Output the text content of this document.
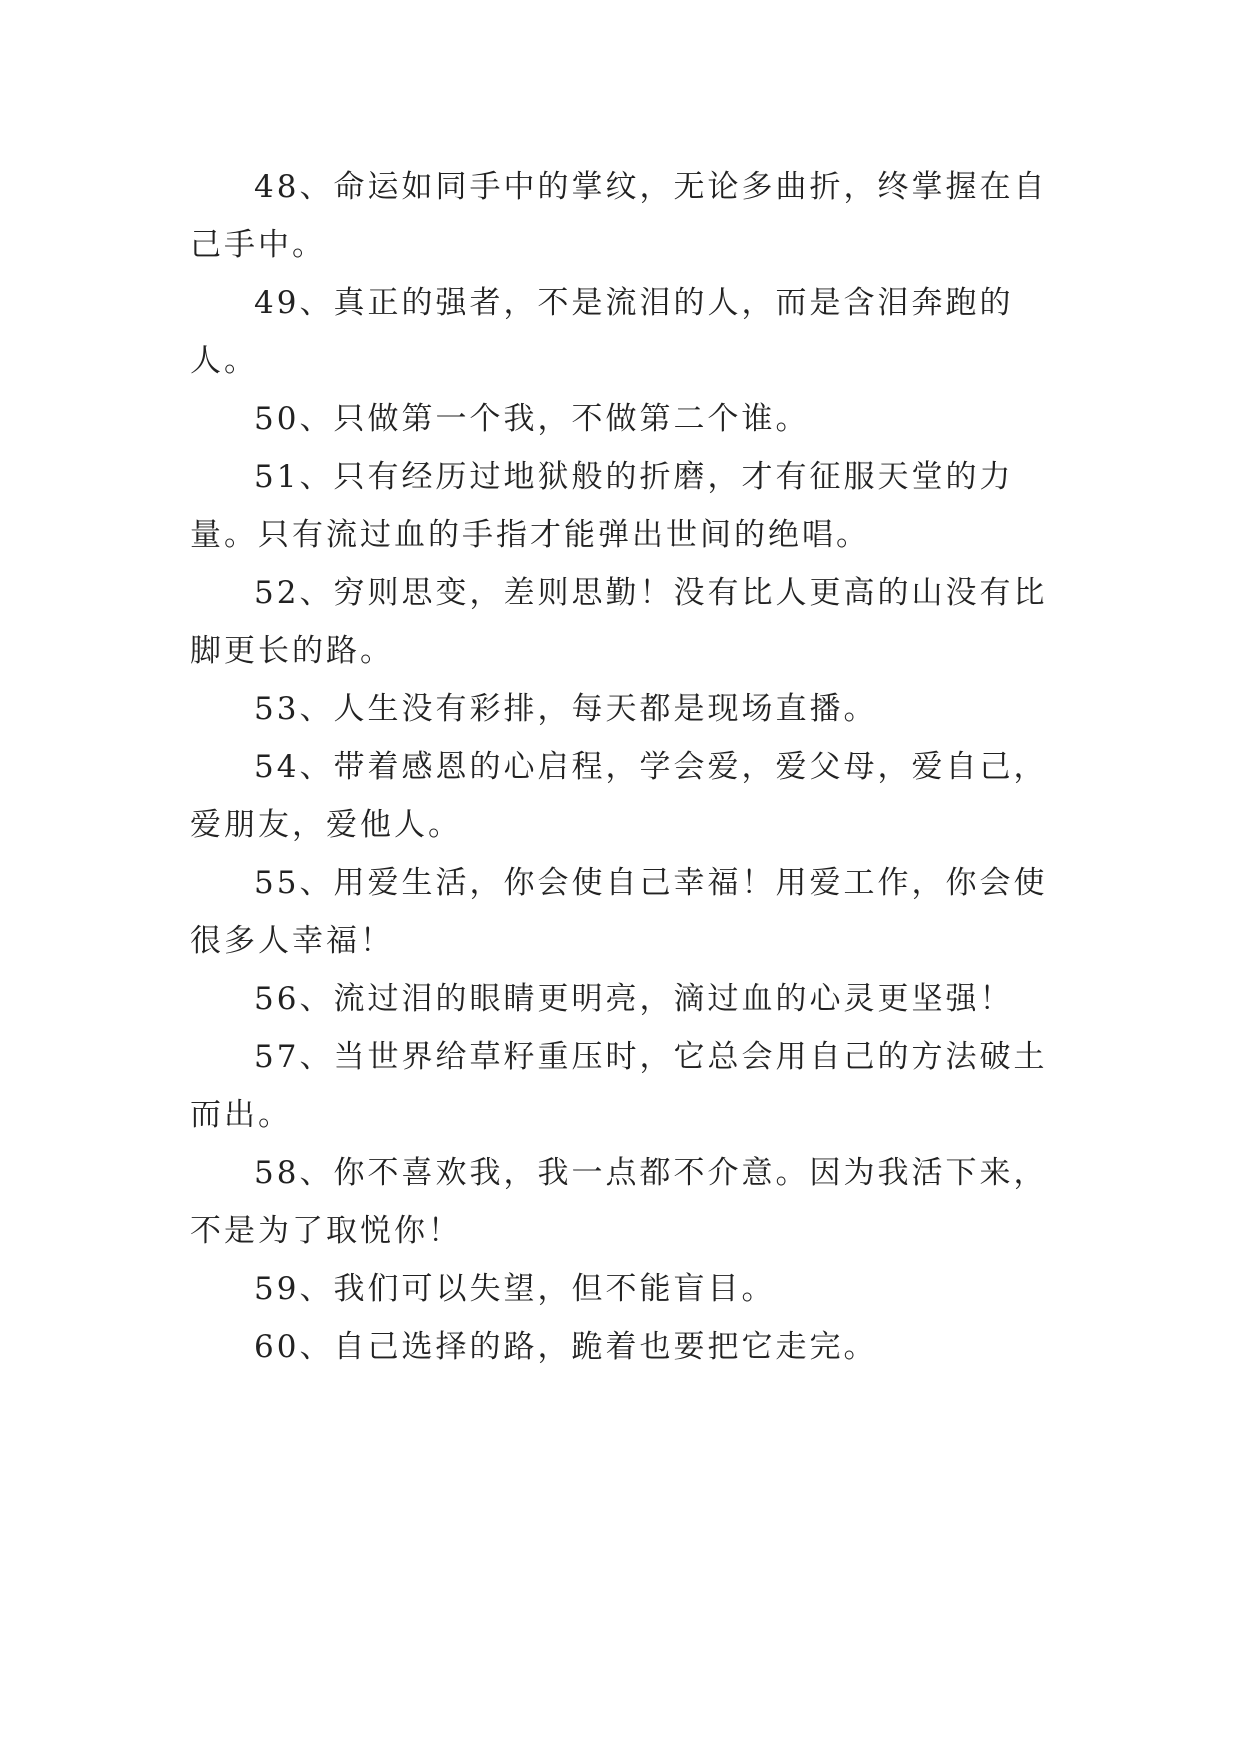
48、命运如同手中的掌纹，无论多曲折，终掌握在自己手中。

49、真正的强者，不是流泪的人，而是含泪奔跑的人。

50、只做第一个我，不做第二个谁。

51、只有经历过地狱般的折磨，才有征服天堂的力量。只有流过血的手指才能弹出世间的绝唱。

52、穷则思变，差则思勤！没有比人更高的山没有比脚更长的路。

53、人生没有彩排，每天都是现场直播。

54、带着感恩的心启程，学会爱，爱父母，爱自己，爱朋友，爱他人。

55、用爱生活，你会使自己幸福！用爱工作，你会使很多人幸福！

56、流过泪的眼睛更明亮，滴过血的心灵更坚强！

57、当世界给草籽重压时，它总会用自己的方法破土而出。

58、你不喜欢我，我一点都不介意。因为我活下来，不是为了取悦你！

59、我们可以失望，但不能盲目。

60、自己选择的路，跪着也要把它走完。
